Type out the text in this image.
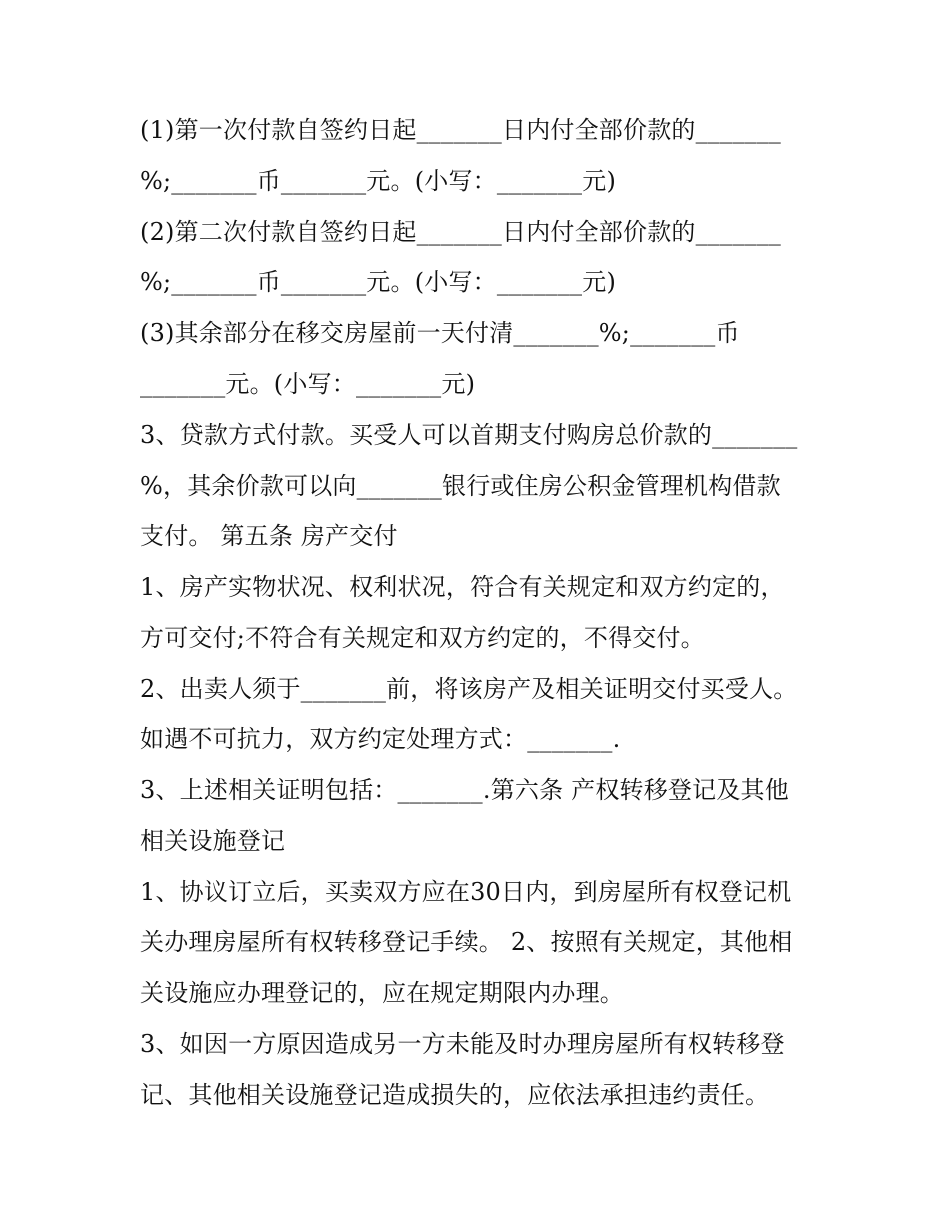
(1)第一次付款自签约日起_______日内付全部价款的_______
%;_______币_______元。(小写：_______元)
(2)第二次付款自签约日起_______日内付全部价款的_______
%;_______币_______元。(小写：_______元)
(3)其余部分在移交房屋前一天付清_______%;_______币
_______元。(小写：_______元)
3、贷款方式付款。买受人可以首期支付购房总价款的_______
%，其余价款可以向_______银行或住房公积金管理机构借款
支付。 第五条 房产交付
1、房产实物状况、权利状况，符合有关规定和双方约定的，
方可交付;不符合有关规定和双方约定的，不得交付。
2、出卖人须于_______前，将该房产及相关证明交付买受人。
如遇不可抗力，双方约定处理方式：_______.
3、上述相关证明包括：_______.第六条 产权转移登记及其他
相关设施登记
1、协议订立后，买卖双方应在30日内，到房屋所有权登记机
关办理房屋所有权转移登记手续。 2、按照有关规定，其他相
关设施应办理登记的，应在规定期限内办理。
3、如因一方原因造成另一方未能及时办理房屋所有权转移登
记、其他相关设施登记造成损失的，应依法承担违约责任。
